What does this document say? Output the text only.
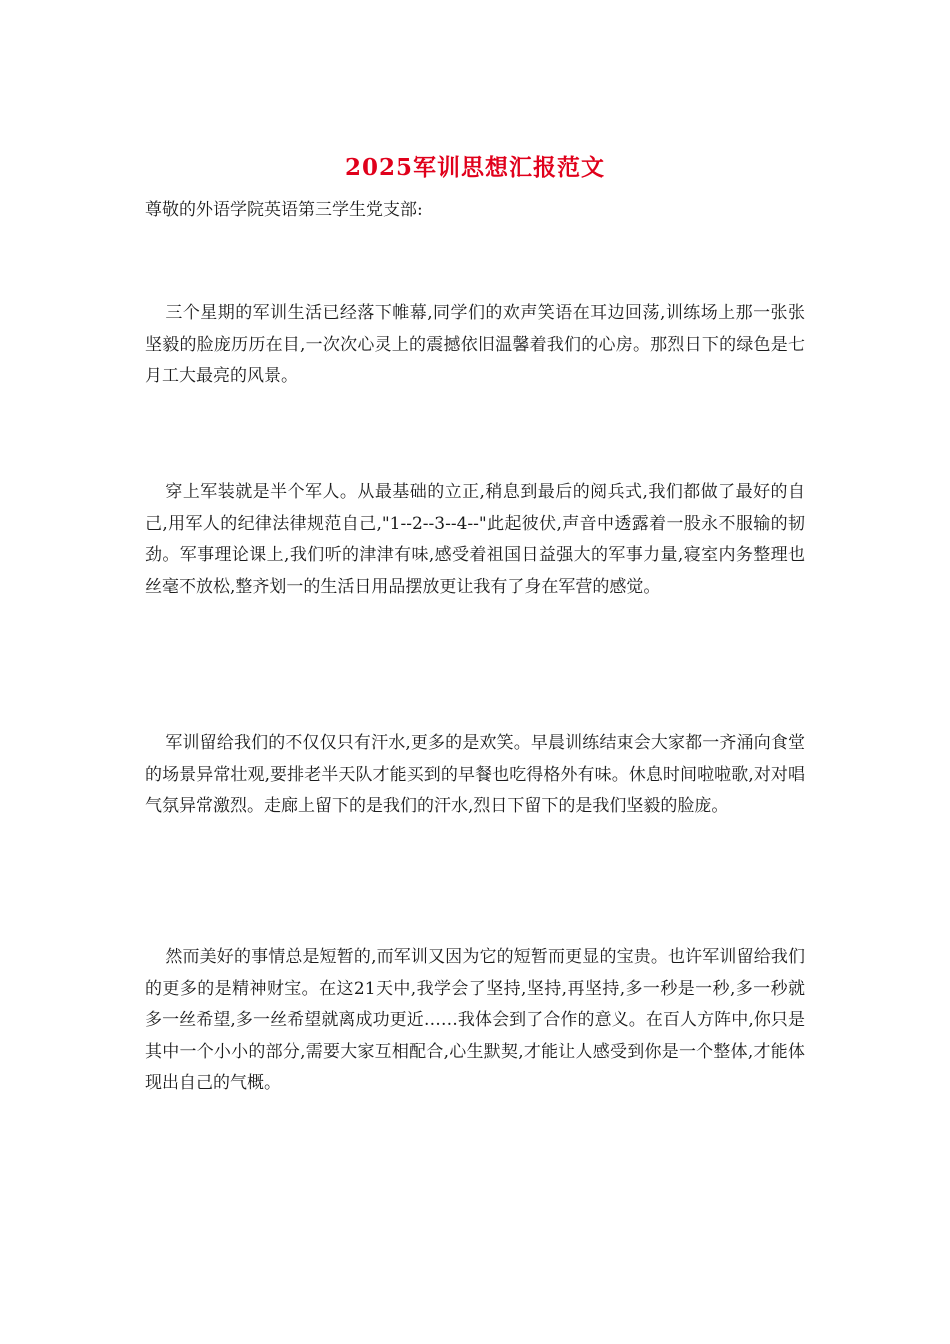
2025军训思想汇报范文
尊敬的外语学院英语第三学生党支部:

三个星期的军训生活已经落下帷幕,同学们的欢声笑语在耳边回荡,训练场上那一张张坚毅的脸庞历历在目,一次次心灵上的震撼依旧温馨着我们的心房。那烈日下的绿色是七月工大最亮的风景。

穿上军装就是半个军人。从最基础的立正,稍息到最后的阅兵式,我们都做了最好的自己,用军人的纪律法律规范自己,"1--2--3--4--"此起彼伏,声音中透露着一股永不服输的韧劲。军事理论课上,我们听的津津有味,感受着祖国日益强大的军事力量,寝室内务整理也丝毫不放松,整齐划一的生活日用品摆放更让我有了身在军营的感觉。

军训留给我们的不仅仅只有汗水,更多的是欢笑。早晨训练结束会大家都一齐涌向食堂的场景异常壮观,要排老半天队才能买到的早餐也吃得格外有味。休息时间啦啦歌,对对唱气氛异常激烈。走廊上留下的是我们的汗水,烈日下留下的是我们坚毅的脸庞。

然而美好的事情总是短暂的,而军训又因为它的短暂而更显的宝贵。也许军训留给我们的更多的是精神财宝。在这21天中,我学会了坚持,坚持,再坚持,多一秒是一秒,多一秒就多一丝希望,多一丝希望就离成功更近……我体会到了合作的意义。在百人方阵中,你只是其中一个小小的部分,需要大家互相配合,心生默契,才能让人感受到你是一个整体,才能体现出自己的气概。
